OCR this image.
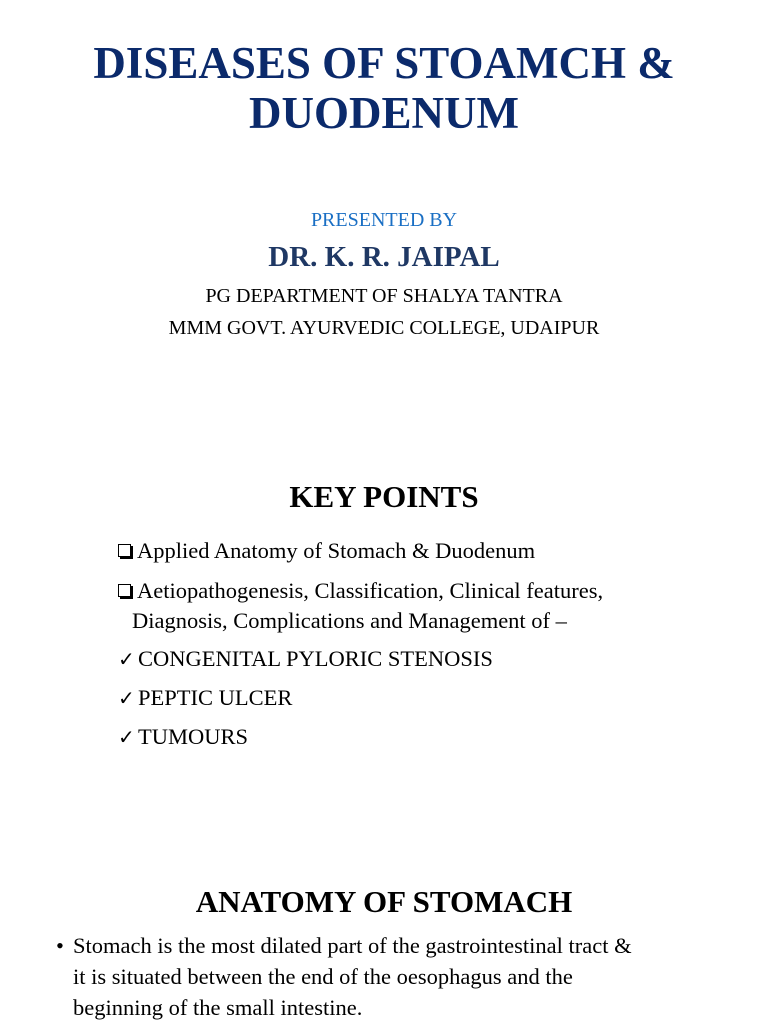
DISEASES OF STOAMCH &
DUODENUM
PRESENTED BY
DR. K. R. JAIPAL
PG DEPARTMENT OF SHALYA TANTRA
MMM GOVT. AYURVEDIC COLLEGE, UDAIPUR
KEY POINTS
Applied Anatomy of Stomach & Duodenum
Aetiopathogenesis, Classification, Clinical features,
Diagnosis, Complications and Management of –
✓ CONGENITAL PYLORIC STENOSIS
✓ PEPTIC ULCER
✓ TUMOURS
ANATOMY OF STOMACH
• Stomach is the most dilated part of the gastrointestinal tract &
it is situated between the end of the oesophagus and the
beginning of the small intestine.
